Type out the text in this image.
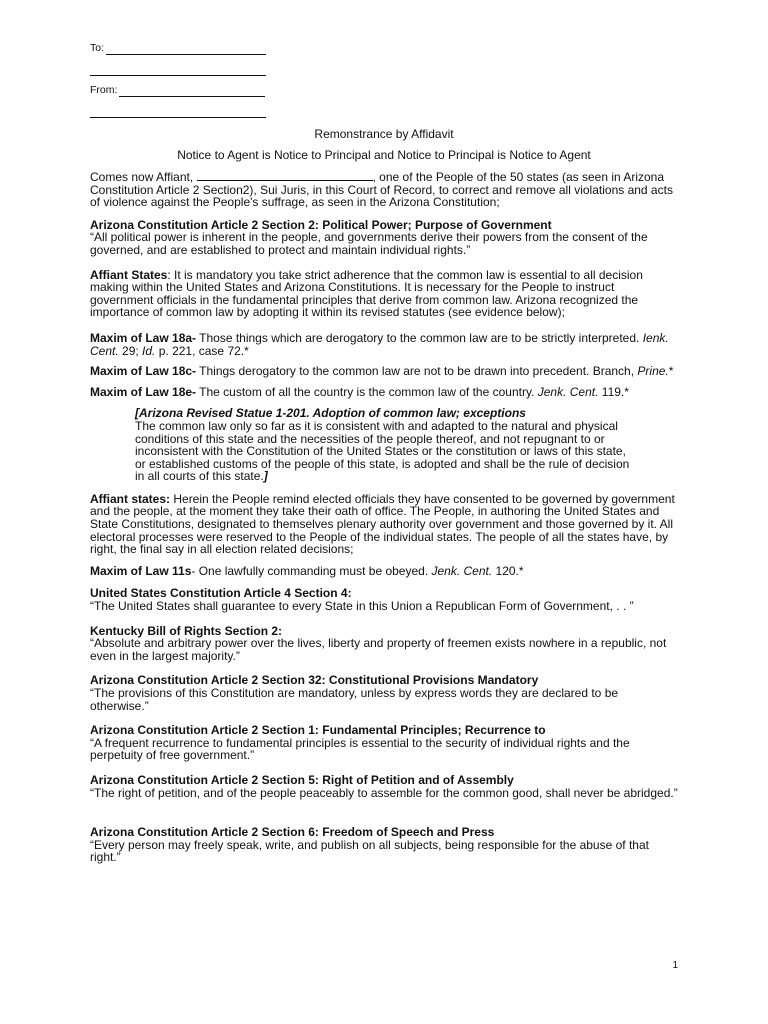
To:
From:
Remonstrance by Affidavit
Notice to Agent is Notice to Principal and Notice to Principal is Notice to Agent

Comes now Affiant,	, one of the People of the 50 states (as seen in Arizona Constitution Article 2 Section2), Sui Juris, in this Court of Record, to correct and remove all violations and acts of violence against the People's suffrage, as seen in the Arizona Constitution;

Arizona Constitution Article 2 Section 2: Political Power; Purpose of Government
“All political power is inherent in the people, and governments derive their powers from the consent of the governed, and are established to protect and maintain individual rights.”

Affiant States: It is mandatory you take strict adherence that the common law is essential to all decision making within the United States and Arizona Constitutions. It is necessary for the People to instruct government officials in the fundamental principles that derive from common law. Arizona recognized the importance of common law by adopting it within its revised statutes (see evidence below);

Maxim of Law 18a- Those things which are derogatory to the common law are to be strictly interpreted. Ienk. Cent. 29; Id. p. 221, case 72.*

Maxim of Law 18c- Things derogatory to the common law are not to be drawn into precedent. Branch, Prine.*

Maxim of Law 18e- The custom of all the country is the common law of the country. Jenk. Cent. 119.*

[Arizona Revised Statue 1-201. Adoption of common law; exceptions
The common law only so far as it is consistent with and adapted to the natural and physical conditions of this state and the necessities of the people thereof, and not repugnant to or inconsistent with the Constitution of the United States or the constitution or laws of this state, or established customs of the people of this state, is adopted and shall be the rule of decision in all courts of this state.]

Affiant states: Herein the People remind elected officials they have consented to be governed by government and the people, at the moment they take their oath of office. The People, in authoring the United States and State Constitutions, designated to themselves plenary authority over government and those governed by it. All electoral processes were reserved to the People of the individual states. The people of all the states have, by right, the final say in all election related decisions;

Maxim of Law 11s- One lawfully commanding must be obeyed. Jenk. Cent. 120.*

United States Constitution Article 4 Section 4:
“The United States shall guarantee to every State in this Union a Republican Form of Government, . . ”

Kentucky Bill of Rights Section 2:
“Absolute and arbitrary power over the lives, liberty and property of freemen exists nowhere in a republic, not even in the largest majority.”

Arizona Constitution Article 2 Section 32: Constitutional Provisions Mandatory
“The provisions of this Constitution are mandatory, unless by express words they are declared to be otherwise.”

Arizona Constitution Article 2 Section 1: Fundamental Principles; Recurrence to
“A frequent recurrence to fundamental principles is essential to the security of individual rights and the perpetuity of free government.”

Arizona Constitution Article 2 Section 5: Right of Petition and of Assembly
“The right of petition, and of the people peaceably to assemble for the common good, shall never be abridged.”

Arizona Constitution Article 2 Section 6: Freedom of Speech and Press
“Every person may freely speak, write, and publish on all subjects, being responsible for the abuse of that right.”

1
